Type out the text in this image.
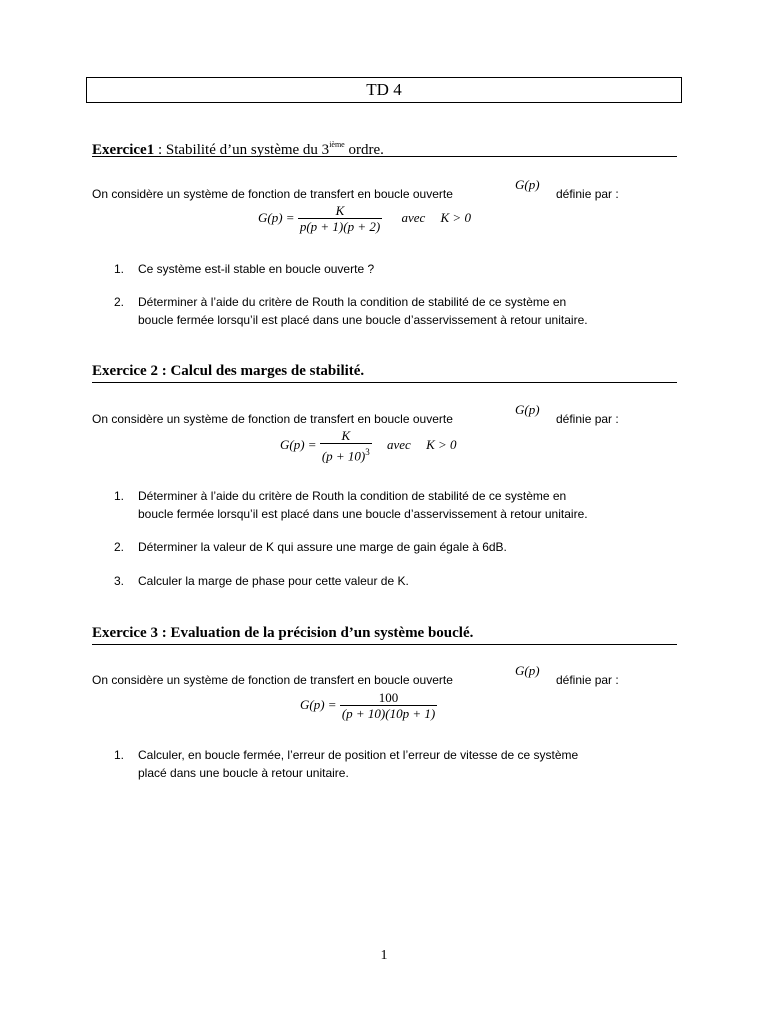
TD 4
Exercice1 : Stabilité d’un système du 3ième ordre.
On considère un système de fonction de transfert en boucle ouverte
G(p)
définie par :
$G(p) = \frac{K}{p(p + 1)(p + 2)}$ avec K > 0
1. Ce système est-il stable en boucle ouverte ?
2. Déterminer à l’aide du critère de Routh la condition de stabilité de ce système en
boucle fermée lorsqu’il est placé dans une boucle d’asservissement à retour unitaire.
Exercice 2 : Calcul des marges de stabilité.
On considère un système de fonction de transfert en boucle ouverte
G(p)
définie par :
$G(p) = \frac{K}{(p + 10)^3}$ avec K > 0
1. Déterminer à l’aide du critère de Routh la condition de stabilité de ce système en
boucle fermée lorsqu’il est placé dans une boucle d’asservissement à retour unitaire.
2. Déterminer la valeur de K qui assure une marge de gain égale à 6dB.
3. Calculer la marge de phase pour cette valeur de K.
Exercice 3 : Evaluation de la précision d’un système bouclé.
On considère un système de fonction de transfert en boucle ouverte
G(p)
définie par :
$G(p) = \frac{100}{(p + 10)(10p + 1)}$
1. Calculer, en boucle fermée, l’erreur de position et l’erreur de vitesse de ce système
placé dans une boucle à retour unitaire.
1
